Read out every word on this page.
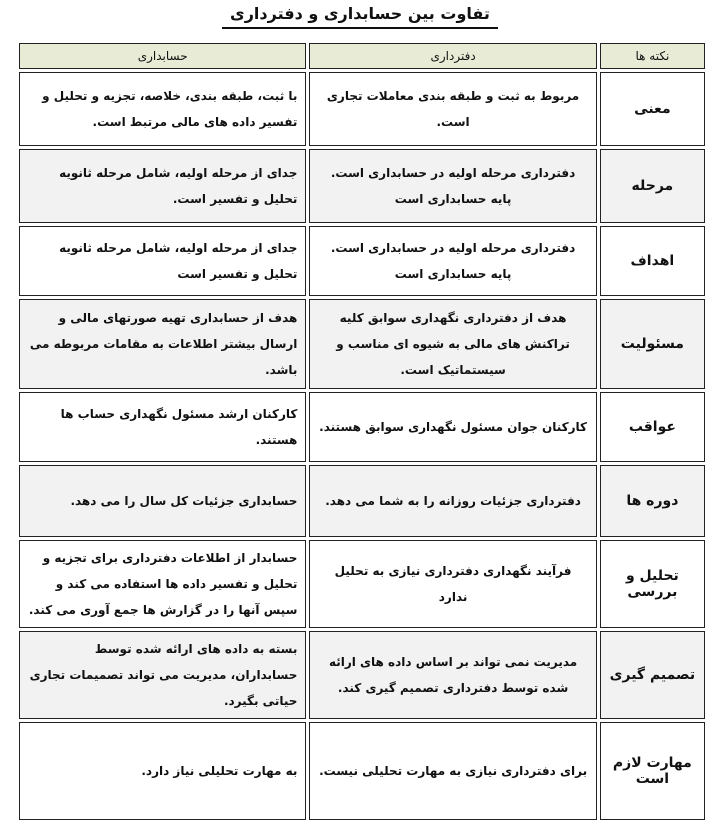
تفاوت بین حسابداری و دفترداری
نکته ها	دفترداری	حسابداری
معنی	مربوط به ثبت و طبقه بندی معاملات تجاری است.	با ثبت، طبقه بندی، خلاصه، تجزیه و تحلیل و تفسیر داده های مالی مرتبط است.
مرحله	دفترداری مرحله اولیه در حسابداری است. پایه حسابداری است	جدای از مرحله اولیه، شامل مرحله ثانویه تحلیل و تفسیر است.
اهداف	دفترداری مرحله اولیه در حسابداری است. پایه حسابداری است	جدای از مرحله اولیه، شامل مرحله ثانویه تحلیل و تفسیر است
مسئولیت	هدف از دفترداری نگهداری سوابق کلیه تراکنش های مالی به شیوه ای مناسب و سیستماتیک است.	هدف از حسابداری تهیه صورتهای مالی و ارسال بیشتر اطلاعات به مقامات مربوطه می باشد.
عواقب	کارکنان جوان مسئول نگهداری سوابق هستند.	کارکنان ارشد مسئول نگهداری حساب ها هستند.
دوره ها	دفترداری جزئیات روزانه را به شما می دهد.	حسابداری جزئیات کل سال را می دهد.
تحلیل و بررسی	فرآیند نگهداری دفترداری نیازی به تحلیل ندارد	حسابدار از اطلاعات دفترداری برای تجزیه و تحلیل و تفسیر داده ها استفاده می کند و سپس آنها را در گزارش ها جمع آوری می کند.
تصمیم گیری	مدیریت نمی تواند بر اساس داده های ارائه شده توسط دفترداری تصمیم گیری کند.	بسته به داده های ارائه شده توسط حسابداران، مدیریت می تواند تصمیمات تجاری حیاتی بگیرد.
مهارت لازم است	برای دفترداری نیازی به مهارت تحلیلی نیست.	به مهارت تحلیلی نیاز دارد.
